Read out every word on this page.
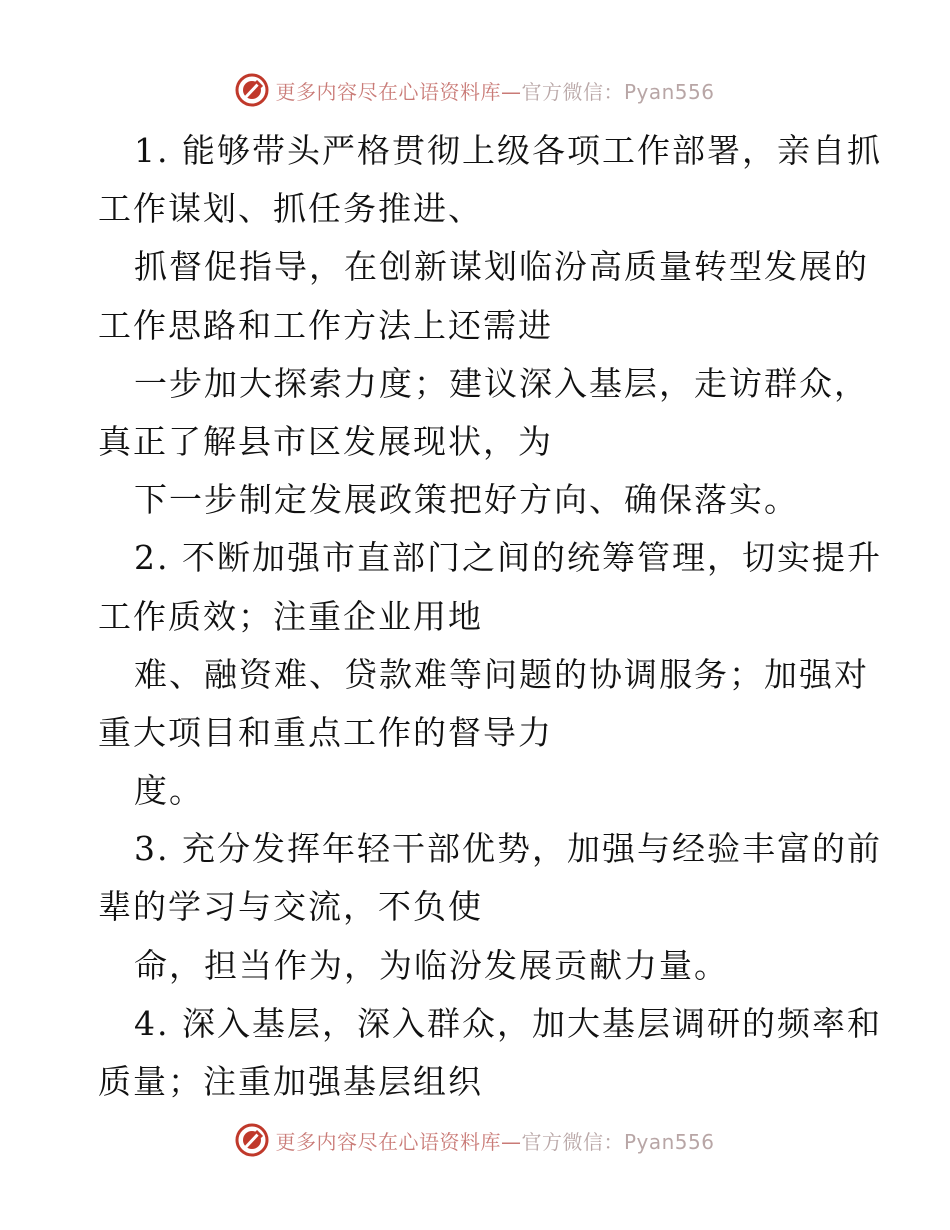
更多内容尽在心语资料库—官方微信：Pyan556
1. 能够带头严格贯彻上级各项工作部署，亲自抓
工作谋划、抓任务推进、
抓督促指导，在创新谋划临汾高质量转型发展的
工作思路和工作方法上还需进
一步加大探索力度；建议深入基层，走访群众，
真正了解县市区发展现状，为
下一步制定发展政策把好方向、确保落实。
2. 不断加强市直部门之间的统筹管理，切实提升
工作质效；注重企业用地
难、融资难、贷款难等问题的协调服务；加强对
重大项目和重点工作的督导力
度。
3. 充分发挥年轻干部优势，加强与经验丰富的前
辈的学习与交流，不负使
命，担当作为，为临汾发展贡献力量。
4. 深入基层，深入群众，加大基层调研的频率和
质量；注重加强基层组织
更多内容尽在心语资料库—官方微信：Pyan556
